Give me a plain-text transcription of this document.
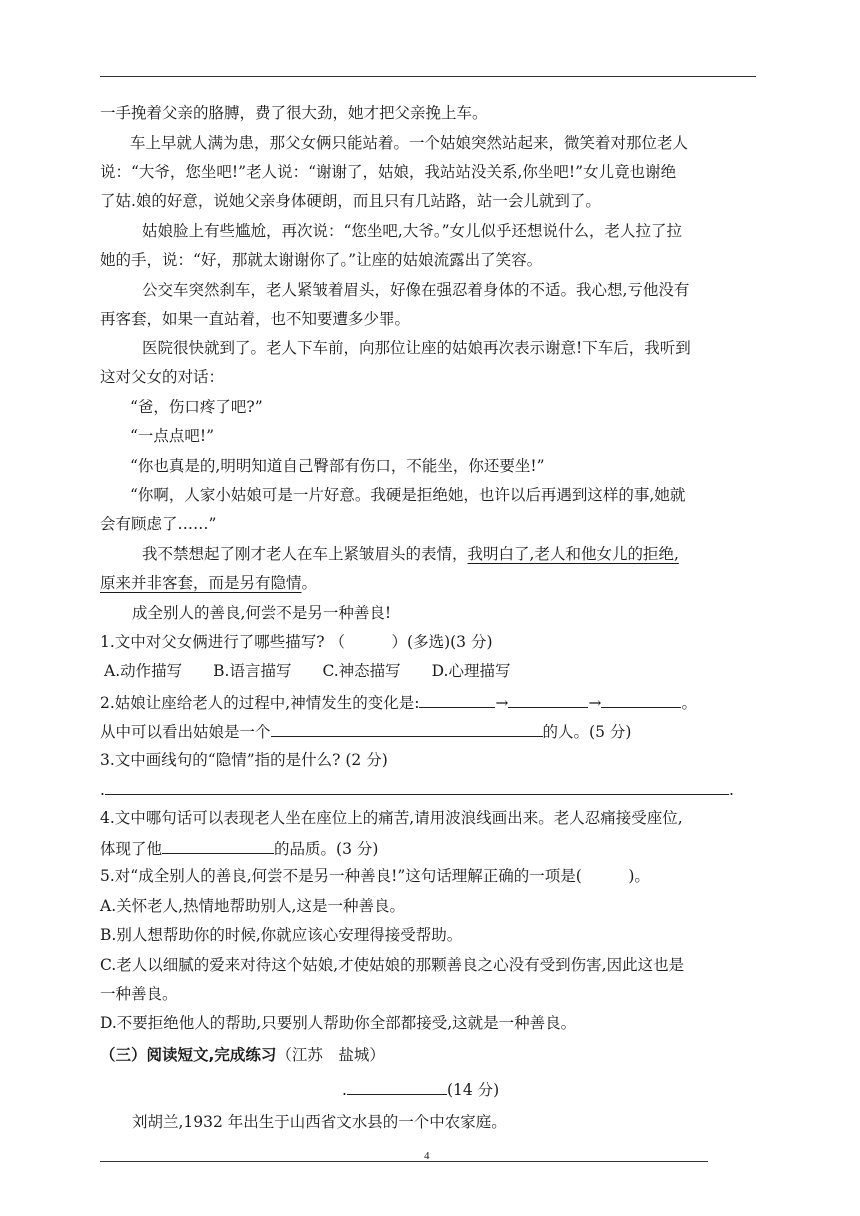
一手挽着父亲的胳膊，费了很大劲，她才把父亲挽上车。
车上早就人满为患，那父女俩只能站着。一个姑娘突然站起来，微笑着对那位老人
说：“大爷，您坐吧!”老人说：“谢谢了，姑娘，我站站没关系,你坐吧!”女儿竟也谢绝
了姑.娘的好意，说她父亲身体硬朗，而且只有几站路，站一会儿就到了。
姑娘脸上有些尴尬，再次说：“您坐吧,大爷。”女儿似乎还想说什么，老人拉了拉
她的手，说：“好，那就太谢谢你了。”让座的姑娘流露出了笑容。
公交车突然刹车，老人紧皱着眉头，好像在强忍着身体的不适。我心想,亏他没有
再客套，如果一直站着，也不知要遭多少罪。
医院很快就到了。老人下车前，向那位让座的姑娘再次表示谢意!下车后，我听到
这对父女的对话：
“爸，伤口疼了吧?”
“一点点吧!”
“你也真是的,明明知道自己臀部有伤口，不能坐，你还要坐!”
“你啊，人家小姑娘可是一片好意。我硬是拒绝她，也许以后再遇到这样的事,她就
会有顾虑了……”
我不禁想起了刚才老人在车上紧皱眉头的表情，我明白了,老人和他女儿的拒绝,
原来并非客套，而是另有隐情。
成全别人的善良,何尝不是另一种善良!
1.文中对父女俩进行了哪些描写? （　　　）(多选)(3 分)
A.动作描写　　B.语言描写　　C.神态描写　　D.心理描写
2.姑娘让座给老人的过程中,神情发生的变化是:	→	→	。
从中可以看出姑娘是一个	的人。(5 分)
3.文中画线句的“隐情”指的是什么? (2 分)
.	.
4.文中哪句话可以表现老人坐在座位上的痛苦,请用波浪线画出来。老人忍痛接受座位,
体现了他	的品质。(3 分)
5.对“成全别人的善良,何尝不是另一种善良!”这句话理解正确的一项是(　　　)。
A.关怀老人,热情地帮助别人,这是一种善良。
B.别人想帮助你的时候,你就应该心安理得接受帮助。
C.老人以细腻的爱来对待这个姑娘,才使姑娘的那颗善良之心没有受到伤害,因此这也是
一种善良。
D.不要拒绝他人的帮助,只要别人帮助你全部都接受,这就是一种善良。
（三）阅读短文,完成练习（江苏　盐城）
.	(14 分)
刘胡兰,1932 年出生于山西省文水县的一个中农家庭。
4
